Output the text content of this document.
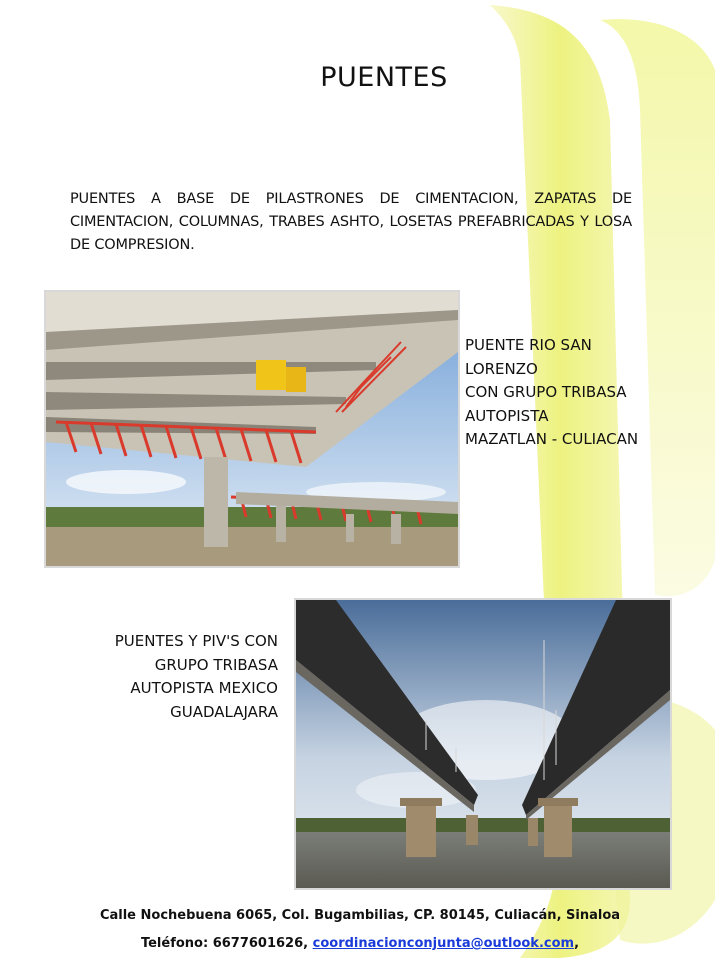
PUENTES
PUENTES A BASE DE PILASTRONES DE CIMENTACION, ZAPATAS DE CIMENTACION, COLUMNAS, TRABES ASHTO, LOSETAS PREFABRICADAS Y LOSA DE COMPRESION.
PUENTE RIO SAN
LORENZO
CON GRUPO TRIBASA
AUTOPISTA
MAZATLAN - CULIACAN
PUENTES Y PIV'S CON
GRUPO TRIBASA
AUTOPISTA MEXICO
GUADALAJARA
Calle Nochebuena 6065, Col. Bugambilias, CP. 80145, Culiacán, Sinaloa
Teléfono: 6677601626, coordinacionconjunta@outlook.com,
